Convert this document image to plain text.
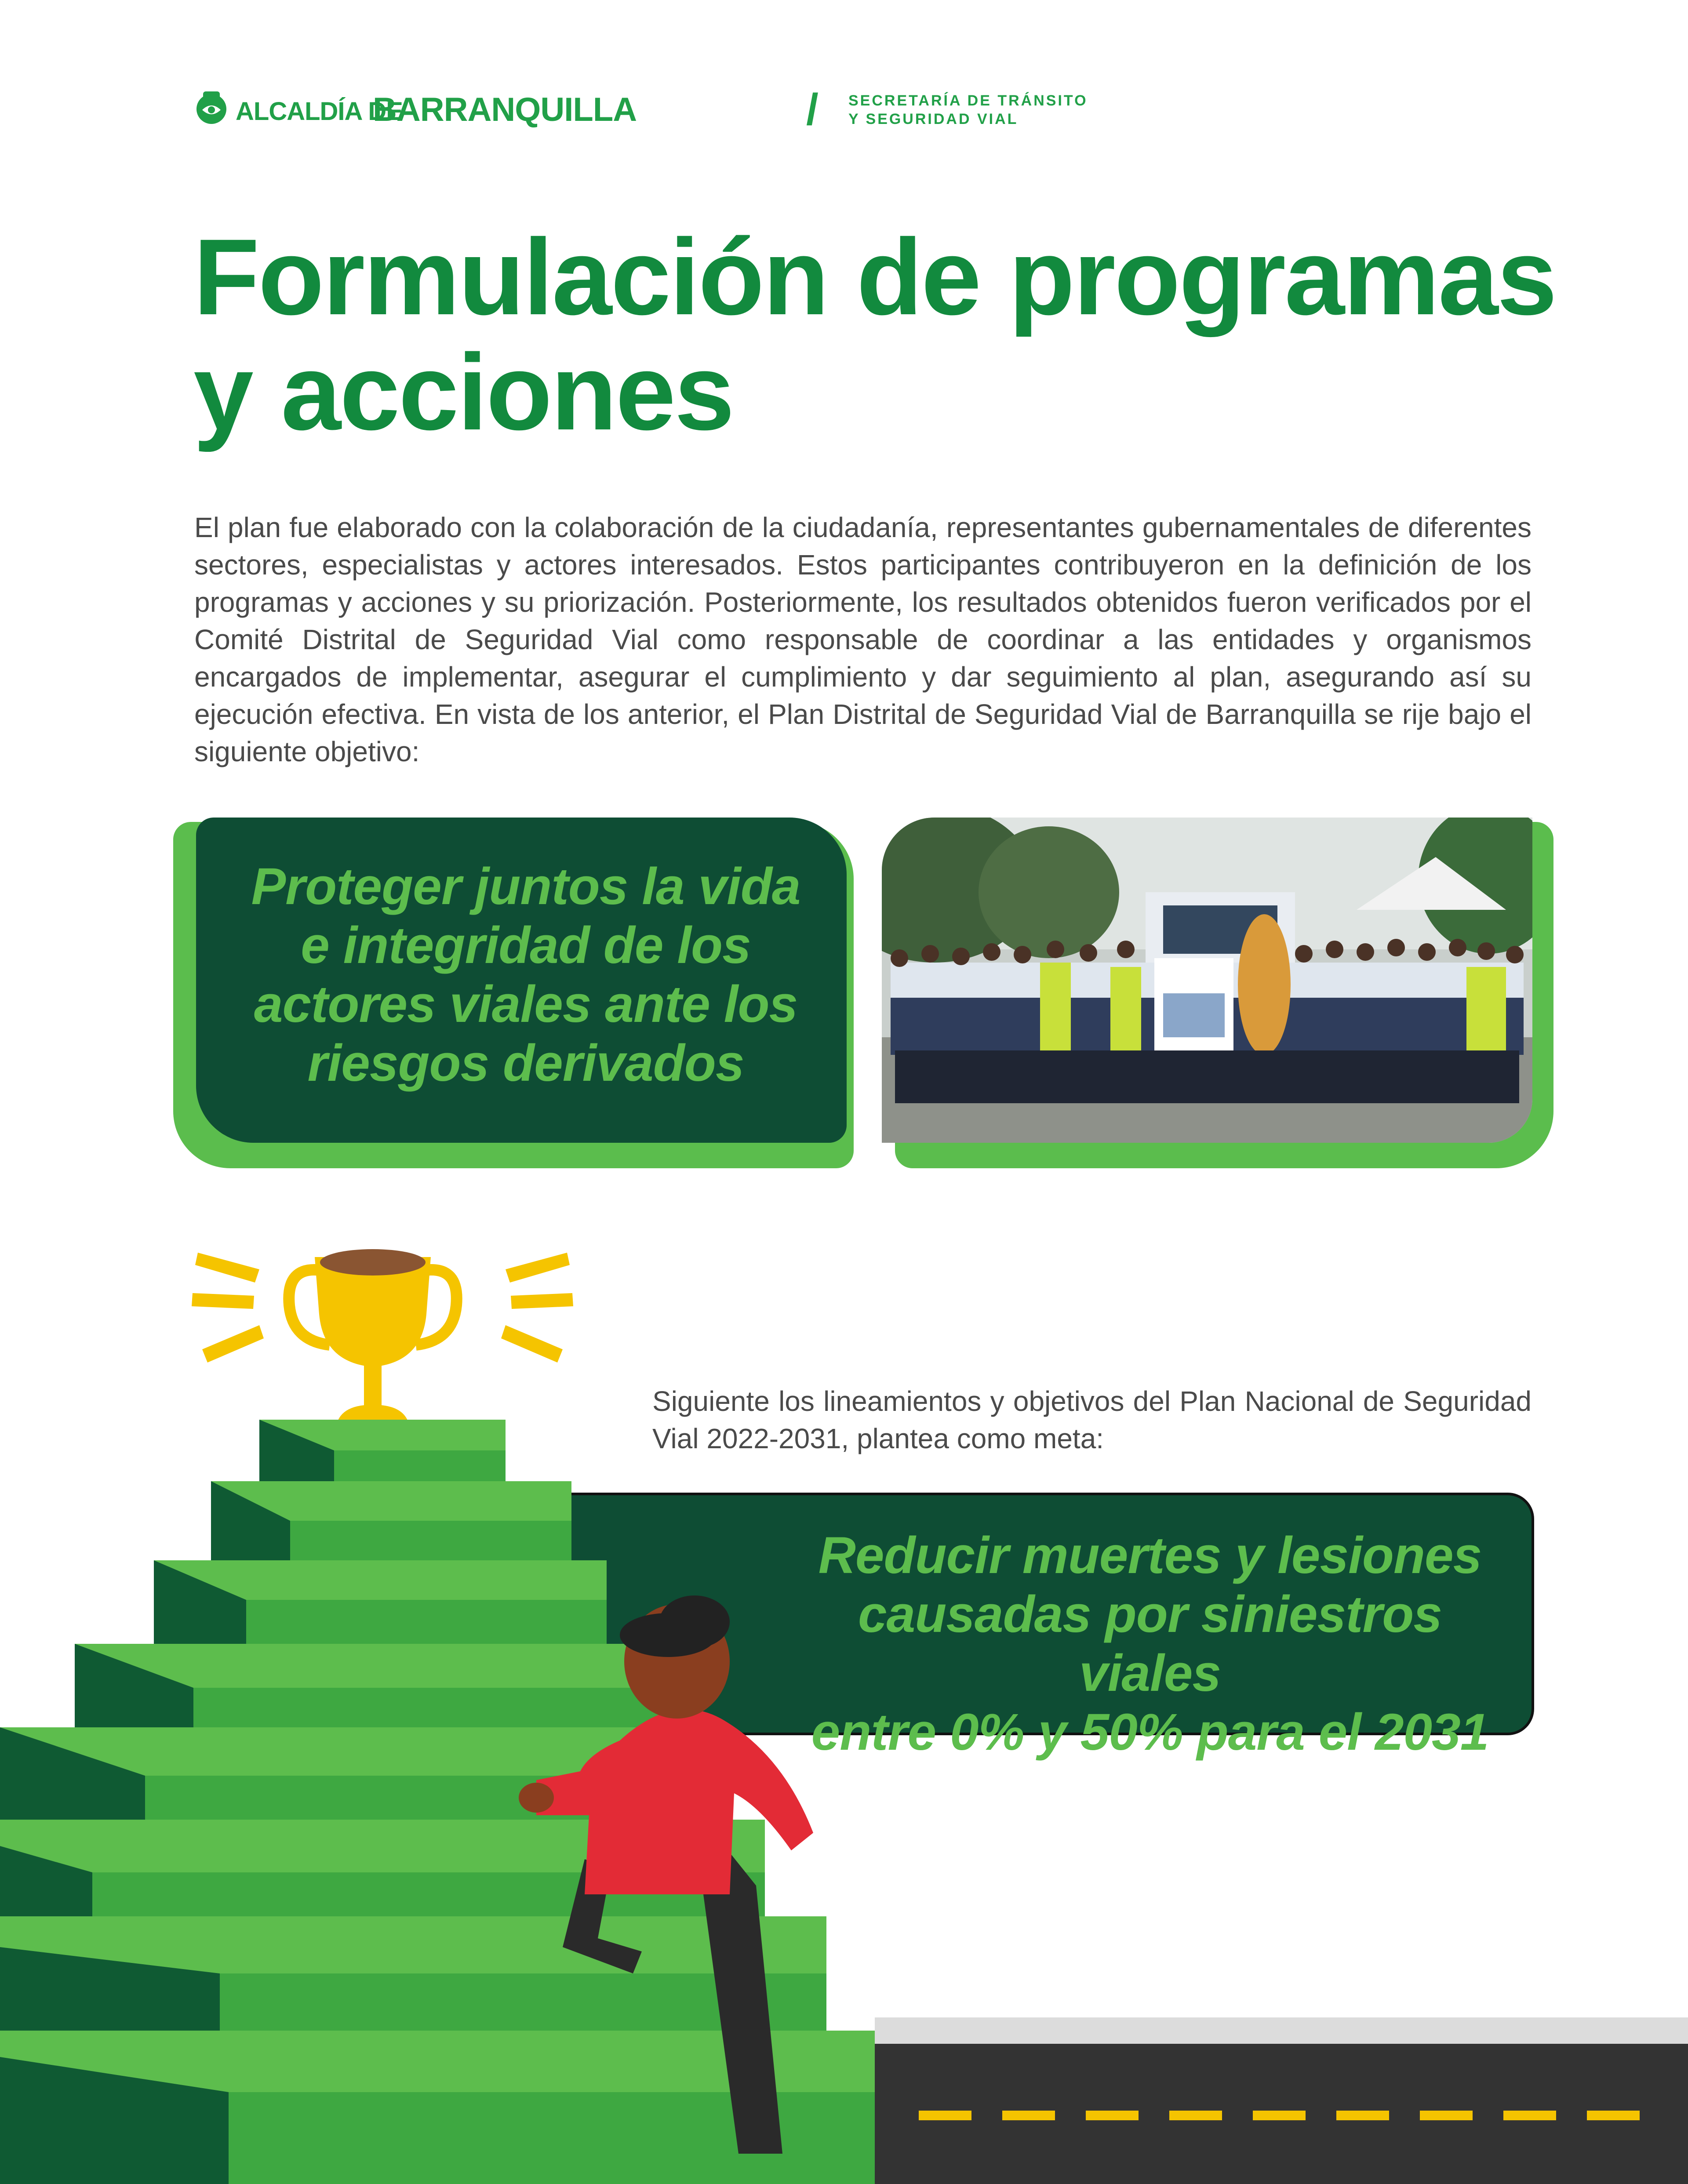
ALCALDÍA DE
BARRANQUILLA	/ SECRETARÍA DE TRÁNSITO
Y SEGURIDAD VIAL
Formulación de programas
y acciones

El plan fue elaborado con la colaboración de la ciudadanía, representantes gubernamentales de diferentes sectores, especialistas y actores interesados. Estos participantes contribuyeron en la definición de los programas y acciones y su priorización. Posteriormente, los resultados obtenidos fueron verificados por el Comité Distrital de Seguridad Vial como responsable de coordinar a las entidades y organismos encargados de implementar, asegurar el cumplimiento y dar seguimiento al plan, asegurando así su ejecución efectiva. En vista de los anterior, el Plan Distrital de Seguridad Vial de Barranquilla se rije bajo el siguiente objetivo:

Proteger juntos la vida
e integridad de los
actores viales ante los
riesgos derivados

Siguiente los lineamientos y objetivos del Plan Nacional de Seguridad Vial 2022-2031, plantea como meta:

Reducir muertes y lesiones
causadas por siniestros viales
entre 0% y 50% para el 2031
